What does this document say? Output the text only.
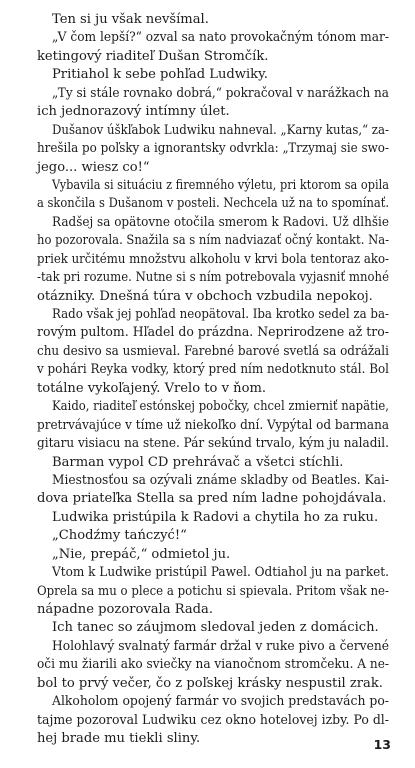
Ten si ju však nevšímal.
„V čom lepší?“ ozval sa nato provokačným tónom mar-
ketingový riaditeľ Dušan Stromčík.
Pritiahol k sebe pohľad Ludwiky.
„Ty si stále rovnako dobrá,“ pokračoval v narážkach na
ich jednorazový intímny úlet.
Dušanov úškľabok Ludwiku nahneval. „Karny kutas,“ za-
hrešila po poľsky a ignorantsky odvrkla: „Trzymaj sie swo-
jego... wiesz co!“
Vybavila si situáciu z firemného výletu, pri ktorom sa opila
a skončila s Dušanom v posteli. Nechcela už na to spomínať.
Radšej sa opätovne otočila smerom k Radovi. Už dlhšie
ho pozorovala. Snažila sa s ním nadviazať očný kontakt. Na-
priek určitému množstvu alkoholu v krvi bola tentoraz ako-
-tak pri rozume. Nutne si s ním potrebovala vyjasniť mnohé
otázniky. Dnešná túra v obchoch vzbudila nepokoj.
Rado však jej pohľad neopätoval. Iba krotko sedel za ba-
rovým pultom. Hľadel do prázdna. Neprirodzene až tro-
chu desivo sa usmieval. Farebné barové svetlá sa odrážali
v pohári Reyka vodky, ktorý pred ním nedotknuto stál. Bol
totálne vykoľajený. Vrelo to v ňom.
Kaido, riaditeľ estónskej pobočky, chcel zmierniť napätie,
pretrvávajúce v tíme už niekoľko dní. Vypýtal od barmana
gitaru visiacu na stene. Pár sekúnd trvalo, kým ju naladil.
Barman vypol CD prehrávač a všetci stíchli.
Miestnosťou sa ozývali známe skladby od Beatles. Kai-
dova priateľka Stella sa pred ním ladne pohojdávala.
Ludwika pristúpila k Radovi a chytila ho za ruku.
„Chodźmy tańczyć!“
„Nie, prepáč,“ odmietol ju.
Vtom k Ludwike pristúpil Pawel. Odtiahol ju na parket.
Oprela sa mu o plece a potichu si spievala. Pritom však ne-
nápadne pozorovala Rada.
Ich tanec so záujmom sledoval jeden z domácich.
Holohlavý svalnatý farmár držal v ruke pivo a červené
oči mu žiarili ako sviečky na vianočnom stromčeku. A ne-
bol to prvý večer, čo z poľskej krásky nespustil zrak.
Alkoholom opojený farmár vo svojich predstavách po-
tajme pozoroval Ludwiku cez okno hotelovej izby. Po dl-
hej brade mu tiekli sliny.	13
